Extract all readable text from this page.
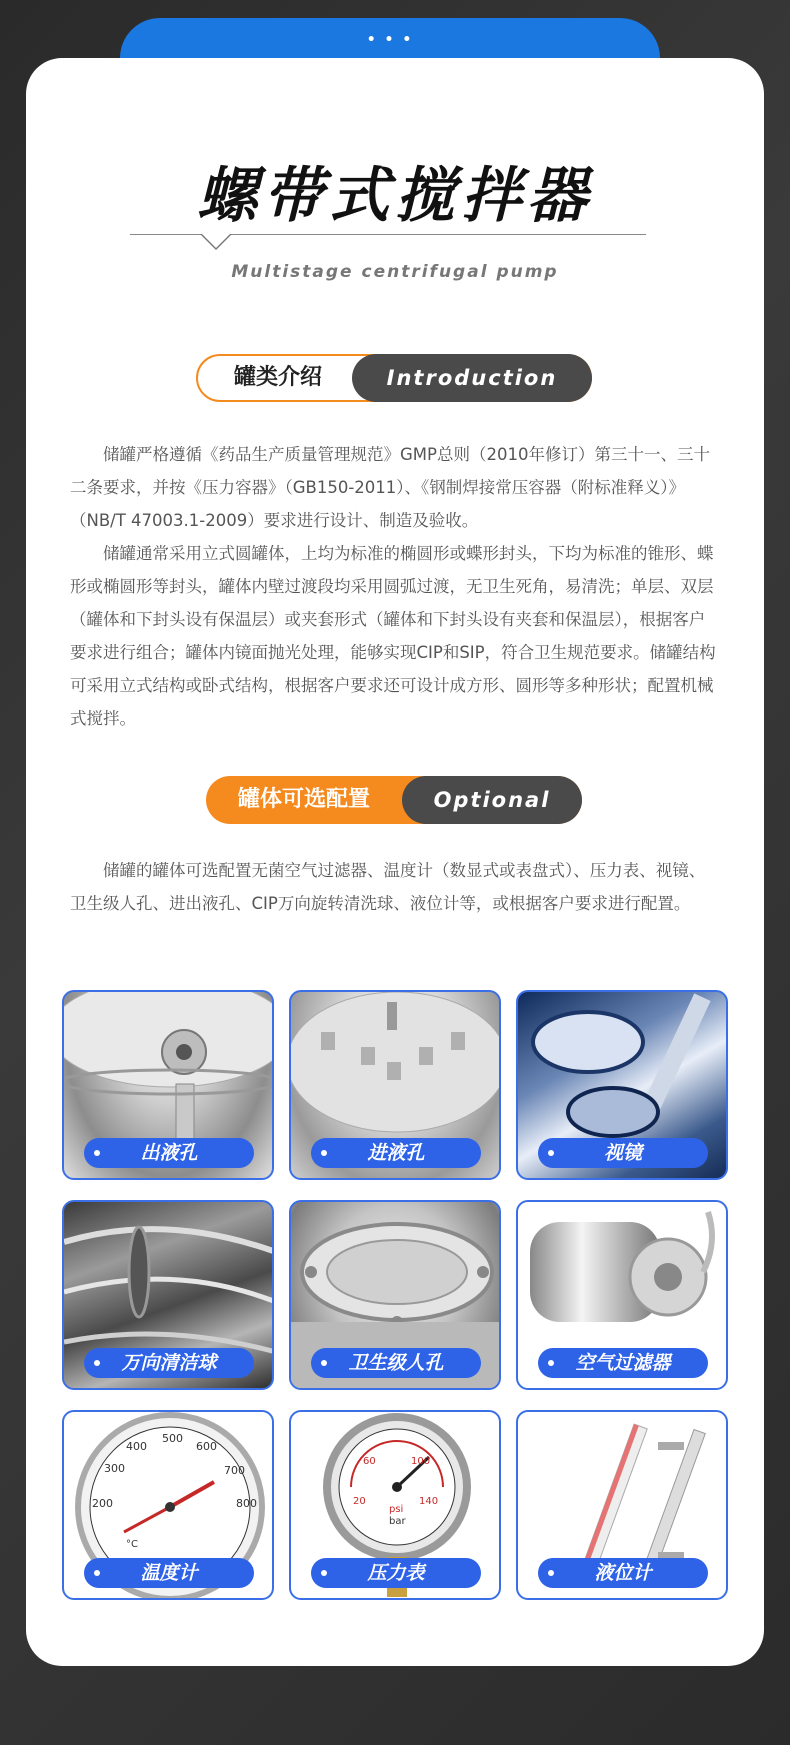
• • •
螺带式搅拌器
Multistage centrifugal pump
罐类介绍	Introduction

储罐严格遵循《药品生产质量管理规范》GMP总则（2010年修订）第三十一、三十二条要求，并按《压力容器》（GB150-2011）、《钢制焊接常压容器（附标准释义）》（NB/T 47003.1-2009）要求进行设计、制造及验收。

储罐通常采用立式圆罐体，上均为标准的椭圆形或蝶形封头，下均为标准的锥形、蝶形或椭圆形等封头，罐体内壁过渡段均采用圆弧过渡，无卫生死角，易清洗；单层、双层（罐体和下封头设有保温层）或夹套形式（罐体和下封头设有夹套和保温层），根据客户要求进行组合；罐体内镜面抛光处理，能够实现CIP和SIP，符合卫生规范要求。储罐结构可采用立式结构或卧式结构，根据客户要求还可设计成方形、圆形等多种形状；配置机械式搅拌。

罐体可选配置	Optional

储罐的罐体可选配置无菌空气过滤器、温度计（数显式或表盘式）、压力表、视镜、卫生级人孔、进出液孔、CIP万向旋转清洗球、液位计等，或根据客户要求进行配置。

出液孔	进液孔	视镜
万向清洁球	卫生级人孔	空气过滤器
300
400
500
600
700
800
200
°C
温度计
20
60	100
140
psi
bar
压力表	液位计
